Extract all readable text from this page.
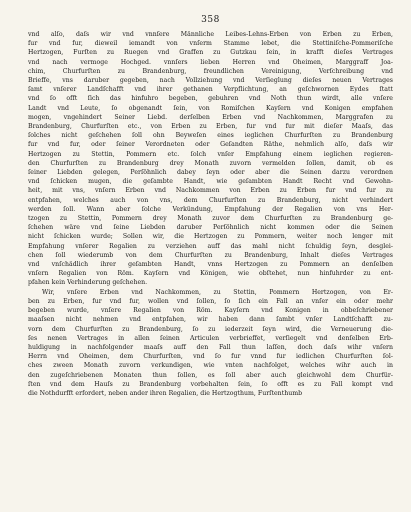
358
vnd alſo, daſs wir vnd vnnſere Männliche Leibes-Lehns-Erben von Erben zu Erben,
fur vnd fur, dieweil iemandt von vnſerm Stamme lebet, die Stettiniſche-Pommeriſche
Hertzogen, Furſten zu Ruegen vnd Graffen zu Gutzkau ſein, in krafft dieſes Vertrages
vnd nach vermoge Hochged. vnnſers lieben Herren vnd Oheimen, Marggraff Joa-
chim, Churfurſten zu Brandenburg, freundlichen Vereinigung, Verſchreibung vnd
Brieffe, vns daruber gegeben, nach Vollziehung vnd Verſieglung dieſes neuen Vertrages
ſamt vnſerer Landſchafft vnd ihrer gethanen Verpflichtung, an geſchwornen Eydes ſtatt
vnd ſo offt ſich das hinfuhro begeben, gebuhren vnd Noth thun wirdt, alle vnſere
Landt vnd Leute, ſo obgenandt ſein, von Romiſchen Kayſern vnd Konigen empfahen
mogen, vngehindert Seiner Liebd. derſelben Erben vnd Nachkommen, Marggrafen zu
Brandenburg, Churfurſten etc., von Erben zu Erben, fur vnd fur mit dieſer Maaſs, das
ſolches nicht geſchehen ſoll ohn Beyweſen eines ieglichen Churfurſten zu Brandenburg
fur vnd fur, oder ſeiner Verordneten oder Geſandten Räthe, nehmlich alſo, daſs wir
Hertzogen zu Stettin, Pommern etc. ſolch vnſer Empfahung einem ieglichen regieren-
den Churfurſten zu Brandenburg drey Monath zuvorn vermelden ſollen, damit, ob es
ſeiner Liebden gelegen, Perſöhnlich dabey ſeyn oder aber die Seinen darzu verordnen
vnd ſchicken mugen, die geſambte Handt, wie geſambten Handt Recht vnd Gewohn-
heit, mit vns, vnſern Erben vnd Nachkommen von Erben zu Erben fur vnd fur zu
entpfahen, welches auch von vns, dem Churfurſten zu Brandenburg, nicht verhindert
werden ſoll. Wann aber ſolche Verkündung, Empfahung der Regalien von vns Her-
tzogen zu Stettin, Pommern drey Monath zuvor dem Churfurſten zu Brandenburg ge-
ſchehen wäre vnd ſeine Liebden daruber Perſöhnlich nicht kommen oder die Seinen
nicht ſchicken wurde; Sollen wir, die Hertzogen zu Pommern, weiter noch lenger mit
Empfahung vnſerer Regalien zu verziehen auff das mahl nicht ſchuldig ſeyn, desglei-
chen ſoll wiederumb von dem Churfurſten zu Brandenburg, Inhalt dieſes Vertrages
vnd vnſchädlich ihrer geſambten Handt, vnns Hertzogen zu Pommern an denſelben
vnſern Regalien von Röm. Kayſern vnd Königen, wie obſtehet, nun hinfuhrder zu ent-
pfahen kein Verhinderung geſchehen.
Wir, vnſere Erben vnd Nachkommen, zu Stettin, Pommern Hertzogen, von Er-
ben zu Erben, fur vnd fur, wollen vnd ſollen, ſo ſich ein Fall an vnſer ein oder mehr
begeben wurde, vnſere Regalien von Röm. Kayſern vnd Konigen in obbeſchriebener
maaſsen nicht nehmen vnd entpfahen, wir haben dann ſambt vnſer Landtſchafft zu-
vorn dem Churfurſten zu Brandenburg, ſo zu iederzeit ſeyn wird, die Verneuerung die-
ſes nenen Vertrages in allen ſeinen Articulen verbrieffet, verſiegelt vnd denſelben Erb-
huldigung in nachfolgender maaſs auff den Fall thun laſſen, doch daſs wihr vnſern
Herrn vnd Oheimen, dem Churfurſten, vnd ſo fur vnnd fur iedlichen Churfurſten ſol-
ches zween Monath zuvorn verkundigen, wie vnten nachfolget, welches wihr auch in
den zugeſchriebenen Monaten thun ſollen, es ſoll aber auch gleichwohl dem Churfür-
ſten vnd dem Hauſs zu Brandenburg vorbehalten ſein, ſo offt es zu Fall kompt vnd
die Nothdurfft erfordert, neben ander ihren Regalien, die Hertzogthum, Furſtenthumb
